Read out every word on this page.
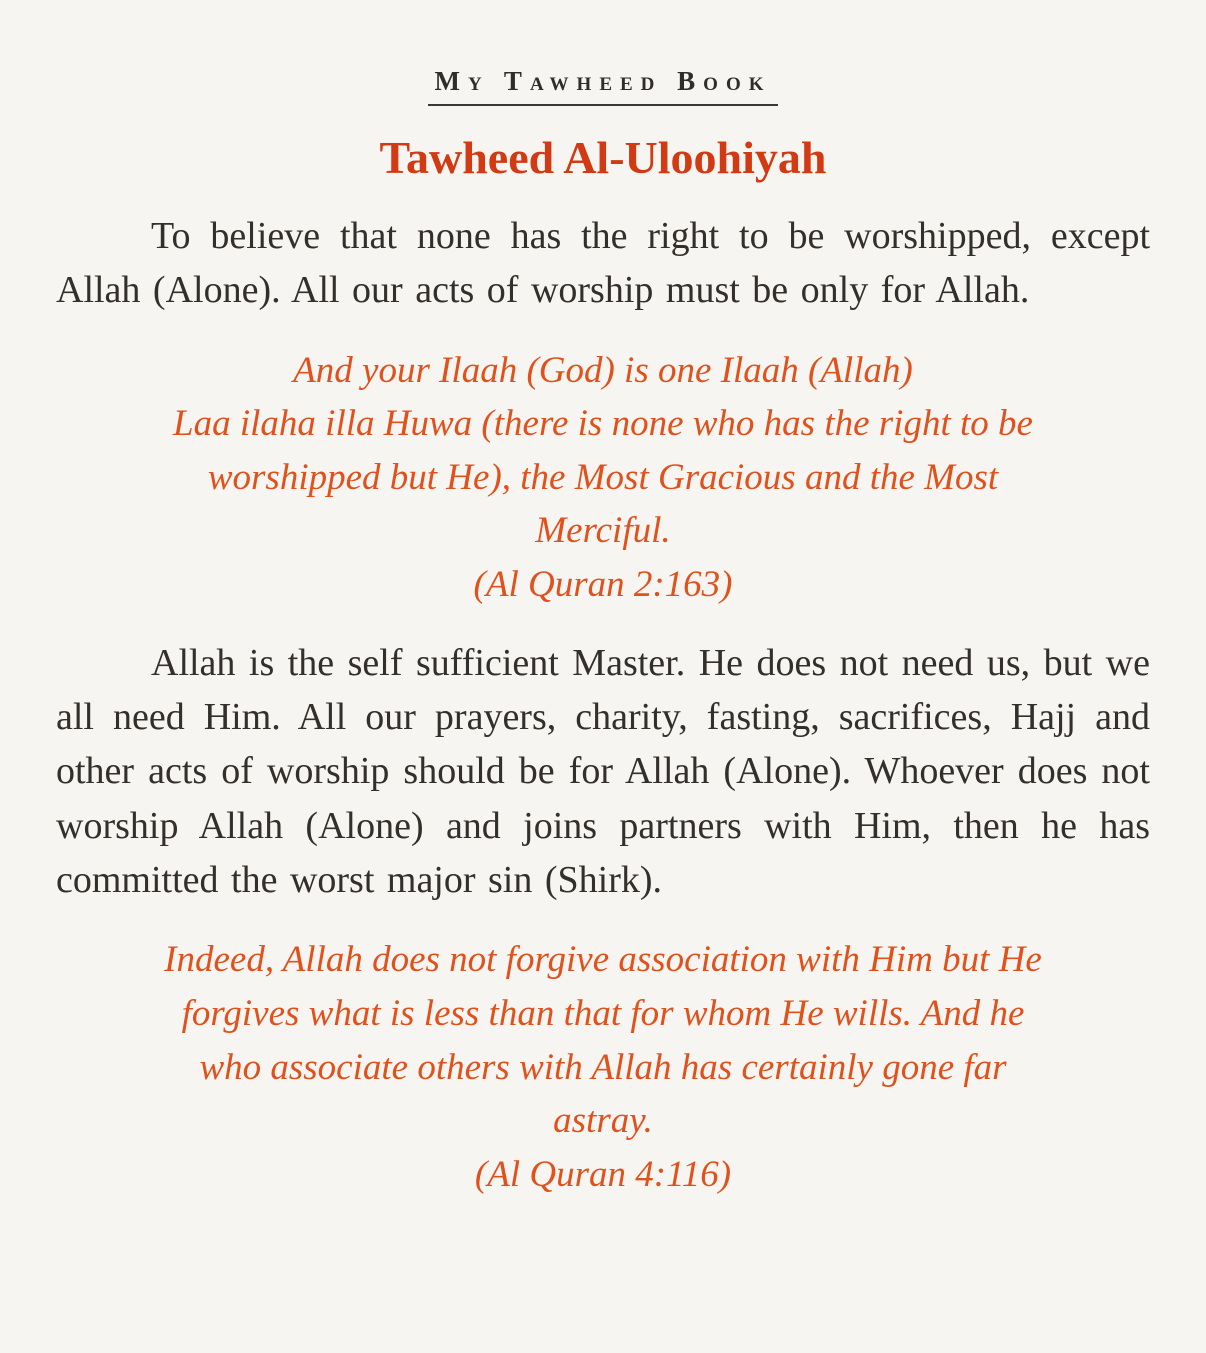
My Tawheed Book
Tawheed Al-Uloohiyah

To believe that none has the right to be worshipped, except Allah (Alone). All our acts of worship must be only for Allah.

And your Ilaah (God) is one Ilaah (Allah)
Laa ilaha illa Huwa (there is none who has the right to be
worshipped but He), the Most Gracious and the Most
Merciful.
(Al Quran 2:163)

Allah is the self sufficient Master. He does not need us, but we all need Him. All our prayers, charity, fasting, sacrifices, Hajj and other acts of worship should be for Allah (Alone). Whoever does not worship Allah (Alone) and joins partners with Him, then he has committed the worst major sin (Shirk).

Indeed, Allah does not forgive association with Him but He
forgives what is less than that for whom He wills. And he
who associate others with Allah has certainly gone far
astray.
(Al Quran 4:116)
